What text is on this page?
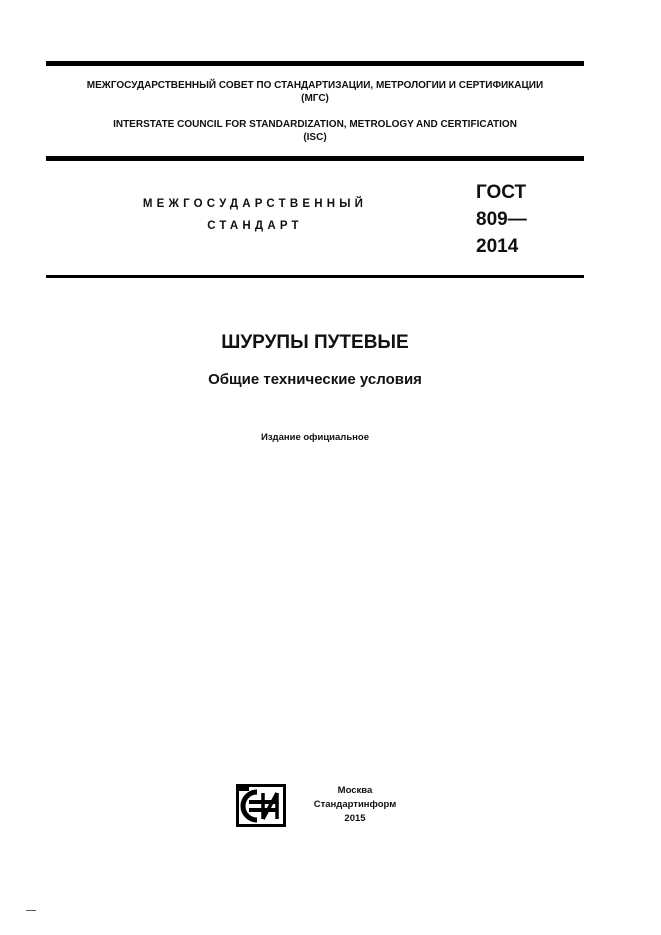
МЕЖГОСУДАРСТВЕННЫЙ СОВЕТ ПО СТАНДАРТИЗАЦИИ, МЕТРОЛОГИИ И СЕРТИФИКАЦИИ
(МГС)
INTERSTATE COUNCIL FOR STANDARDIZATION, METROLOGY AND CERTIFICATION
(ISC)
МЕЖГОСУДАРСТВЕННЫЙ
СТАНДАРТ
ГОСТ
809—
2014
ШУРУПЫ ПУТЕВЫЕ
Общие технические условия
Издание официальное
Москва
Стандартинформ
2015
